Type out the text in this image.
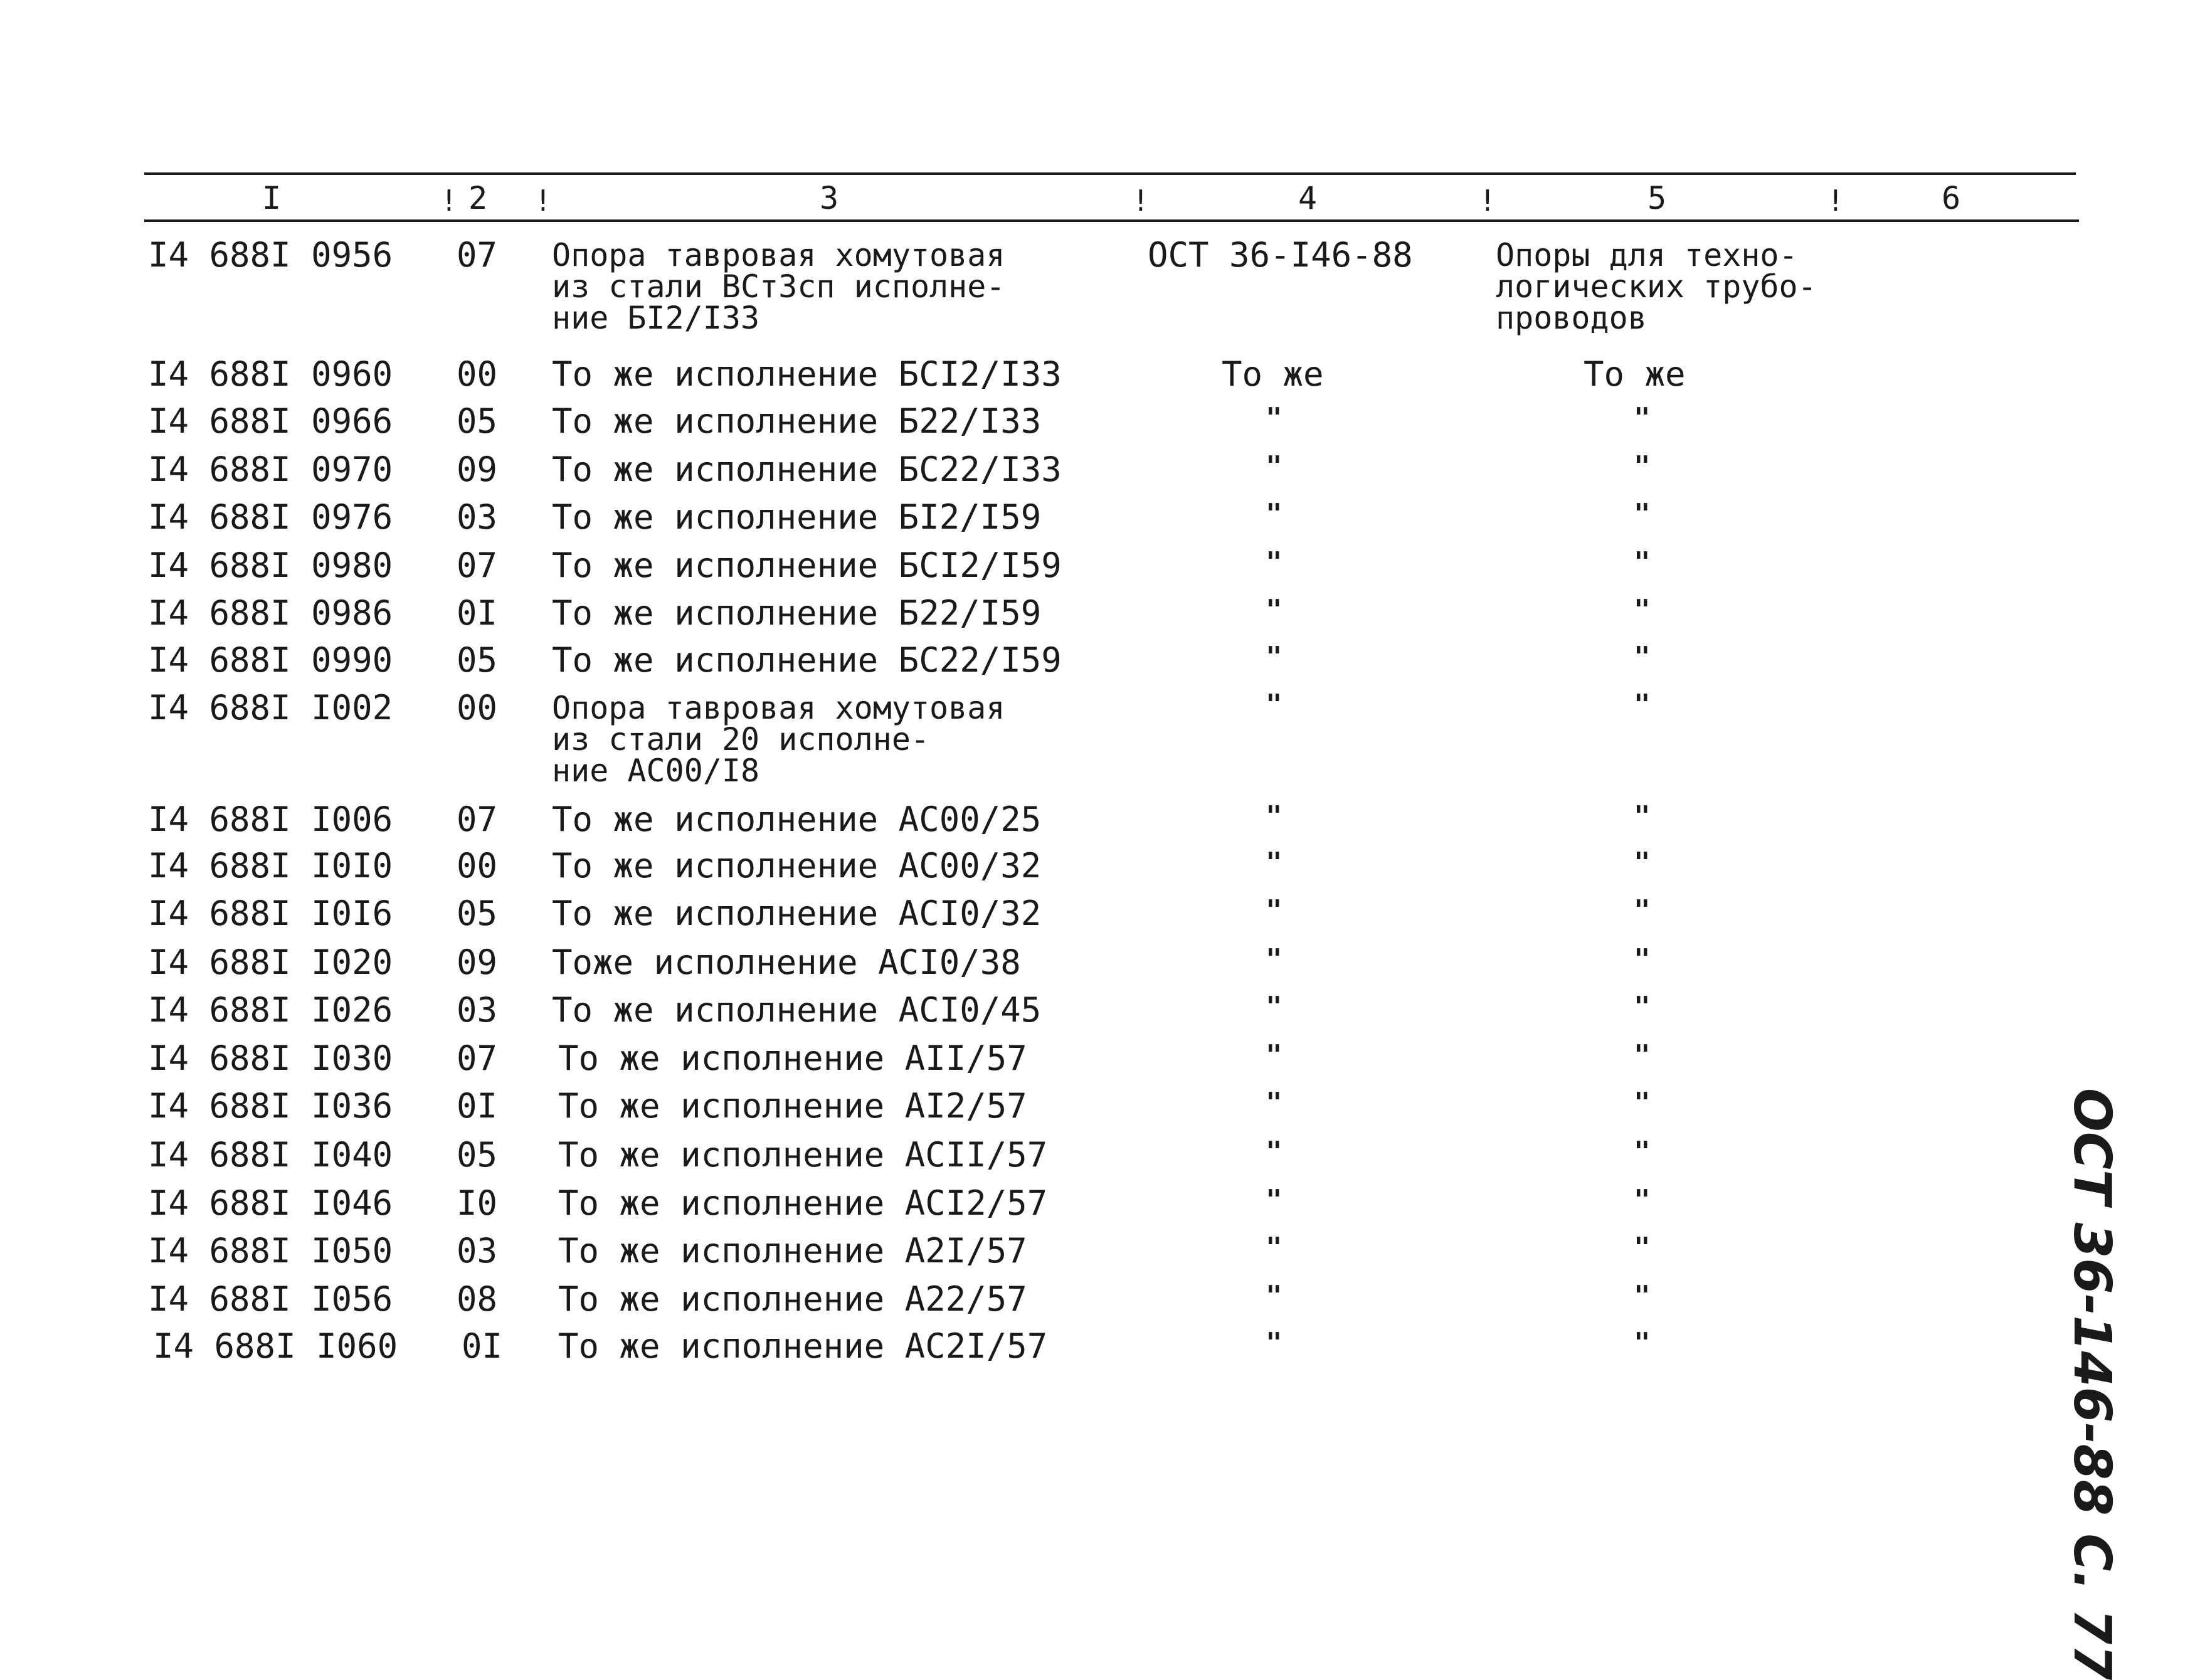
I	! 2 !	3	!	4	!	5	!	6
I4 688I 0956 07 Опора тавровая хомутовая
из стали ВСт3сп исполне-
ние БI2/I33
ОСТ 36-I46-88	Опоры для техно-
логических трубо-
проводов
I4 688I 0960 00 То же исполнение БСI2/I33	То же	То же
I4 688I 0966 05 То же исполнение Б22/I33	"	"
I4 688I 0970 09 То же исполнение БС22/I33	"	"
I4 688I 0976 03 То же исполнение БI2/I59	"	"
I4 688I 0980 07 То же исполнение БСI2/I59	"	"
I4 688I 0986 0I То же исполнение Б22/I59	"	"
I4 688I 0990 05 То же исполнение БС22/I59	"	"
I4 688I I002 00 Опора тавровая хомутовая
из стали 20 исполне-
ние АС00/I8
"	"
I4 688I I006 07 То же исполнение АС00/25	"	"
I4 688I I0I0 00 То же исполнение АС00/32	"	"
I4 688I I0I6 05 То же исполнение АСI0/32	"	"
I4 688I I020 09 Тоже исполнение АСI0/38	"	"
I4 688I I026 03 То же исполнение АСI0/45	"	"
I4 688I I030 07 То же исполнение АII/57	"	"
I4 688I I036 0I То же исполнение АI2/57	"	"
I4 688I I040 05 То же исполнение АСII/57	"	"
I4 688I I046 I0 То же исполнение АСI2/57	"	"
I4 688I I050 03 То же исполнение А2I/57	"	"
I4 688I I056 08 То же исполнение А22/57	"	"
I4 688I I060 0I То же исполнение АС2I/57	"	"	ОСТ 36-146-88 С. 77
